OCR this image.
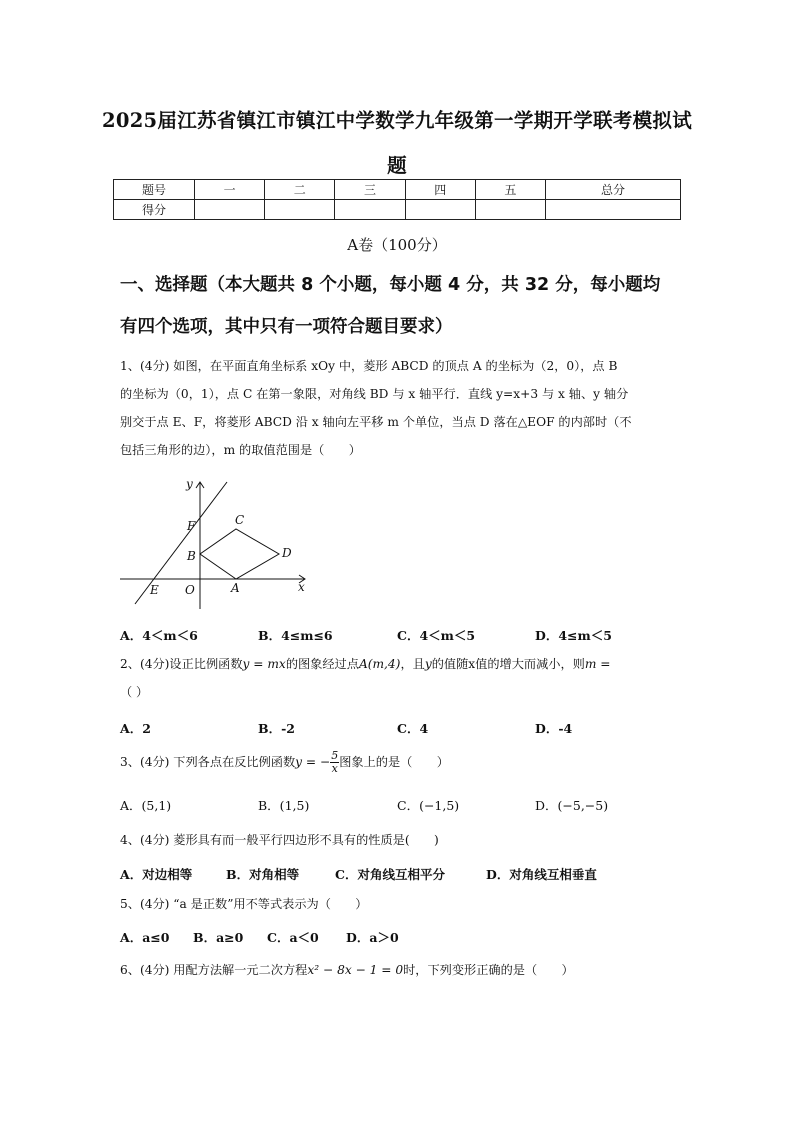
2025届江苏省镇江市镇江中学数学九年级第一学期开学联考模拟试
题
题号	一	二	三	四	五	总分
得分						
A卷（100分）
一、选择题（本大题共 8 个小题，每小题 4 分，共 32 分，每小题均
有四个选项，其中只有一项符合题目要求）
1、(4分) 如图，在平面直角坐标系 xOy 中，菱形 ABCD 的顶点 A 的坐标为（2，0），点 B
的坐标为（0，1），点 C 在第一象限，对角线 BD 与 x 轴平行．直线 y=x+3 与 x 轴、y 轴分
别交于点 E、F，将菱形 ABCD 沿 x 轴向左平移 m 个单位，当点 D 落在△EOF 的内部时（不
包括三角形的边），m 的取值范围是（　　）
y
F	C
B	D
E O	A	x
A．4＜m＜6	B．4≤m≤6	C．4＜m＜5	D．4≤m＜5
2、(4分)设正比例函数y = mx的图象经过点A(m,4)，且y的值随x值的增大而减小，则m =
（ ）
A．2	B．-2	C．4	D．-4
3、(4分) 下列各点在反比例函数y = − $\frac{5}{x}$ 图象上的是（　　）
A．(5,1)	B．(1,5)	C．(−1,5)	D．(−5,−5)
4、(4分) 菱形具有而一般平行四边形不具有的性质是(　　)
A．对边相等	B．对角相等	C．对角线互相平分	D．对角线互相垂直
5、(4分) “a 是正数”用不等式表示为（　　）
A．a≤0 B．a≥0 C．a＜0 D．a＞0
6、(4分) 用配方法解一元二次方程x² − 8x − 1 = 0时，下列变形正确的是（　　）
